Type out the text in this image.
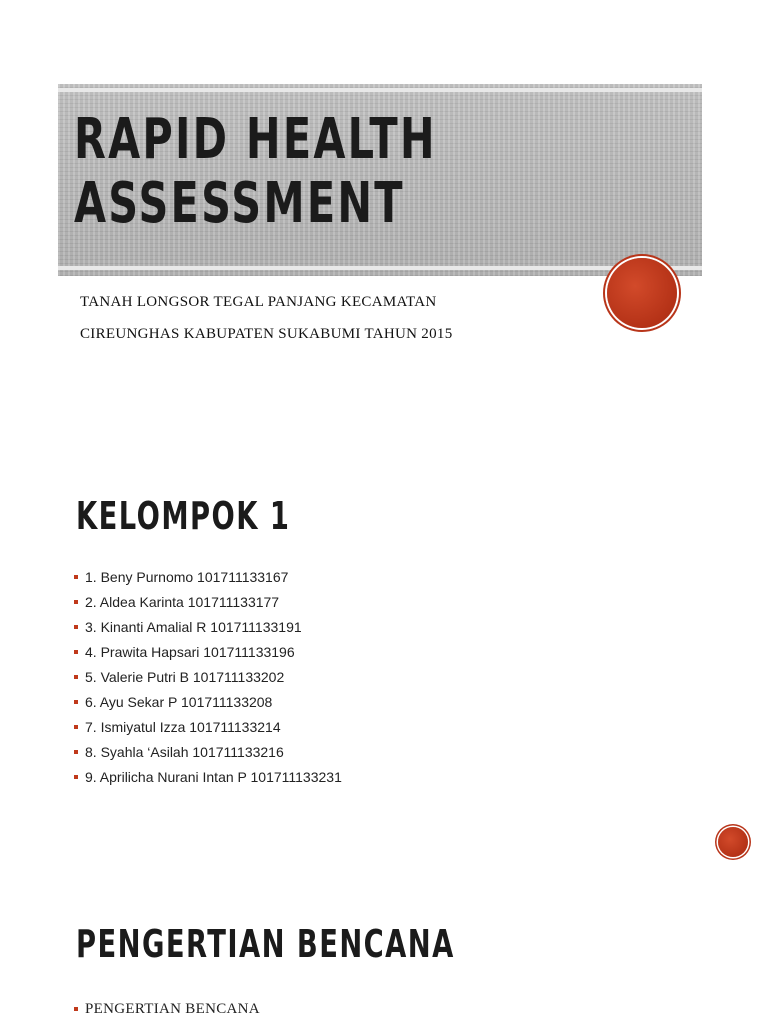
RAPID HEALTH
ASSESSMENT
TANAH LONGSOR TEGAL PANJANG KECAMATAN
CIREUNGHAS KABUPATEN SUKABUMI TAHUN 2015
KELOMPOK 1
1. Beny Purnomo 101711133167
2. Aldea Karinta 101711133177
3. Kinanti Amalial R 101711133191
4. Prawita Hapsari 101711133196
5. Valerie Putri B 101711133202
6. Ayu Sekar P 101711133208
7. Ismiyatul Izza 101711133214
8. Syahla ‘Asilah 101711133216
9. Aprilicha Nurani Intan P 101711133231
PENGERTIAN BENCANA
PENGERTIAN BENCANA
